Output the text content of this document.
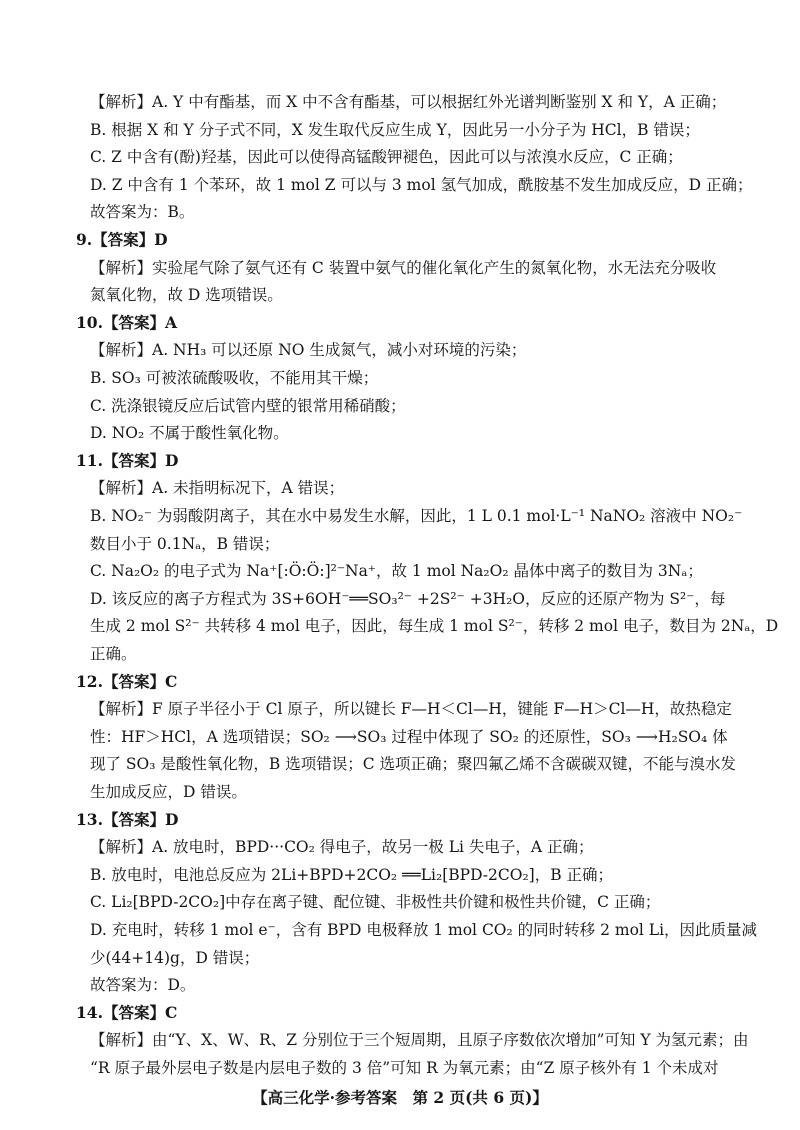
【解析】A. Y 中有酯基，而 X 中不含有酯基，可以根据红外光谱判断鉴别 X 和 Y，A 正确；
B. 根据 X 和 Y 分子式不同，X 发生取代反应生成 Y，因此另一小分子为 HCl，B 错误；
C. Z 中含有(酚)羟基，因此可以使得高锰酸钾褪色，因此可以与浓溴水反应，C 正确；
D. Z 中含有 1 个苯环，故 1 mol Z 可以与 3 mol 氢气加成，酰胺基不发生加成反应，D 正确；
故答案为：B。
9.【答案】D
【解析】实验尾气除了氨气还有 C 装置中氨气的催化氧化产生的氮氧化物，水无法充分吸收
氮氧化物，故 D 选项错误。
10.【答案】A
【解析】A. NH₃ 可以还原 NO 生成氮气，减小对环境的污染；
B. SO₃ 可被浓硫酸吸收，不能用其干燥；
C. 洗涤银镜反应后试管内壁的银常用稀硝酸；
D. NO₂ 不属于酸性氧化物。
11.【答案】D
【解析】A. 未指明标况下，A 错误；
B. NO₂⁻ 为弱酸阴离子，其在水中易发生水解，因此，1 L 0.1 mol·L⁻¹ NaNO₂ 溶液中 NO₂⁻
数目小于 0.1Nₐ，B 错误；
C. Na₂O₂ 的电子式为 Na⁺[:Ö:Ö:]²⁻Na⁺，故 1 mol Na₂O₂ 晶体中离子的数目为 3Nₐ；
D. 该反应的离子方程式为 3S+6OH⁻══SO₃²⁻ +2S²⁻ +3H₂O，反应的还原产物为 S²⁻，每
生成 2 mol S²⁻ 共转移 4 mol 电子，因此，每生成 1 mol S²⁻，转移 2 mol 电子，数目为 2Nₐ，D
正确。
12.【答案】C
【解析】F 原子半径小于 Cl 原子，所以键长 F—H＜Cl—H，键能 F—H＞Cl—H，故热稳定
性：HF＞HCl，A 选项错误；SO₂ ⟶SO₃ 过程中体现了 SO₂ 的还原性，SO₃ ⟶H₂SO₄ 体
现了 SO₃ 是酸性氧化物，B 选项错误；C 选项正确；聚四氟乙烯不含碳碳双键，不能与溴水发
生加成反应，D 错误。
13.【答案】D
【解析】A. 放电时，BPD···CO₂ 得电子，故另一极 Li 失电子，A 正确；
B. 放电时，电池总反应为 2Li+BPD+2CO₂ ══Li₂[BPD-2CO₂]，B 正确；
C. Li₂[BPD-2CO₂]中存在离子键、配位键、非极性共价键和极性共价键，C 正确；
D. 充电时，转移 1 mol e⁻，含有 BPD 电极释放 1 mol CO₂ 的同时转移 2 mol Li，因此质量减
少(44+14)g，D 错误；
故答案为：D。
14.【答案】C
【解析】由“Y、X、W、R、Z 分别位于三个短周期，且原子序数依次增加”可知 Y 为氢元素；由
“R 原子最外层电子数是内层电子数的 3 倍”可知 R 为氧元素；由“Z 原子核外有 1 个未成对
【高三化学·参考答案　第 2 页(共 6 页)】
